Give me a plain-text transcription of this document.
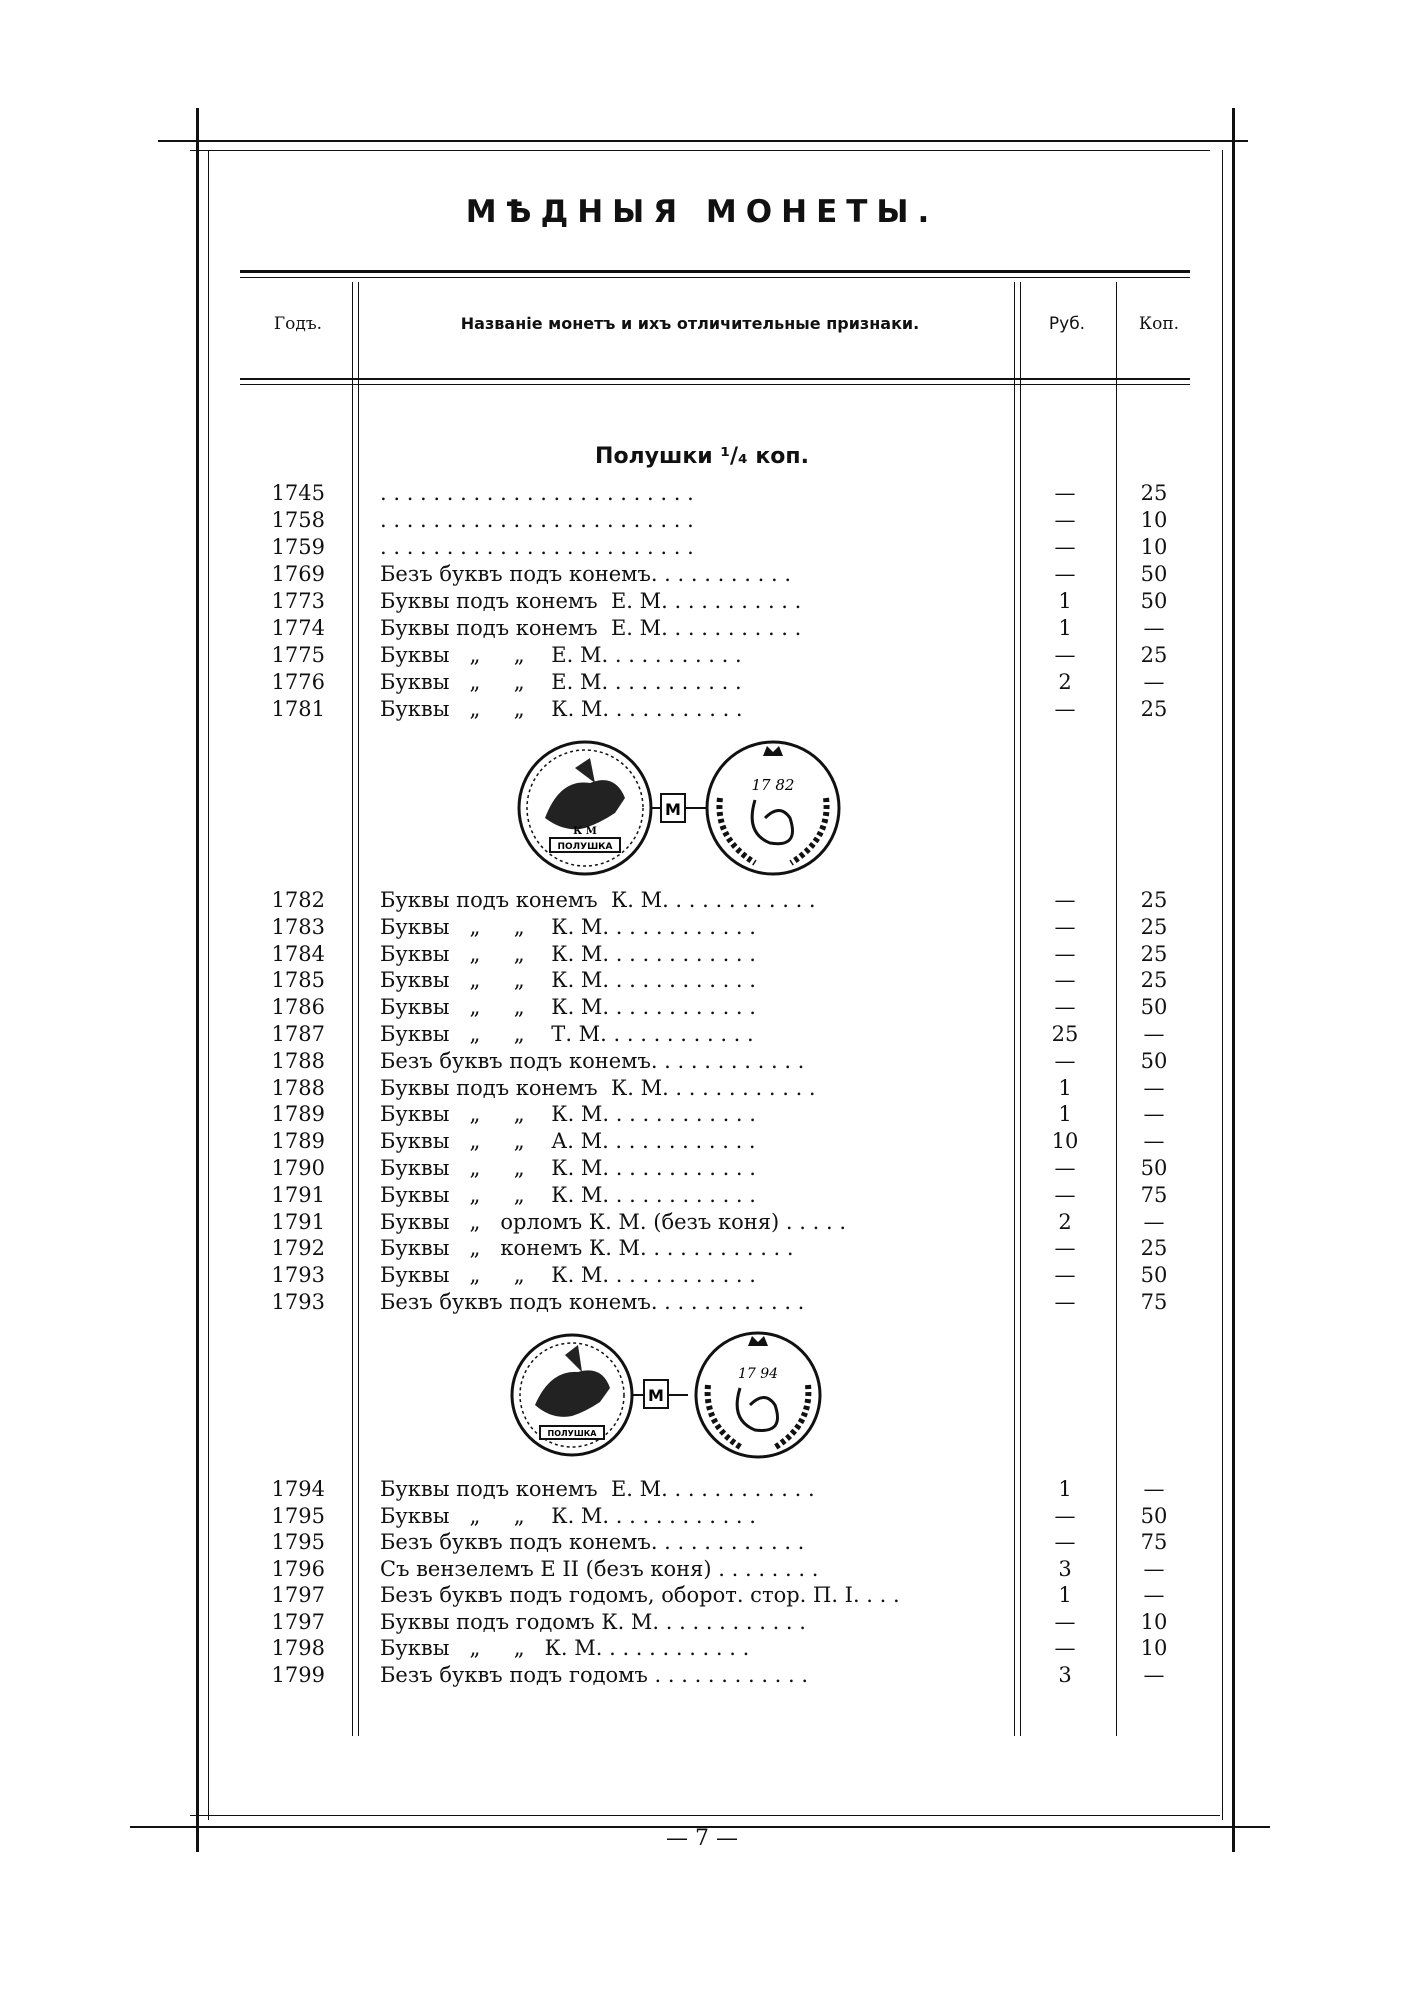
МѢДНЫЯ МОНЕТЫ.
Годъ.	Названіе монетъ и ихъ отличительные признаки.	Руб.	Коп.
Полушки ¹/₄ коп.
1745	. . . . . . . . . . . . . . . . . . . . . . . .	—	25
1758	. . . . . . . . . . . . . . . . . . . . . . . .	—	10
1759	. . . . . . . . . . . . . . . . . . . . . . . .	—	10
1769	Безъ буквъ подъ конемъ. . . . . . . . . . .	—	50
1773	Буквы подъ конемъ  Е. М. . . . . . . . . . .	1	50
1774	Буквы подъ конемъ  Е. М. . . . . . . . . . .	1	—
1775	Буквы   „     „    Е. М. . . . . . . . . . .	—	25
1776	Буквы   „     „    Е. М. . . . . . . . . . .	2	—
1781	Буквы   „     „    К. М. . . . . . . . . . .	—	25
ПОЛУШКА
К М
М
17 82
1782	Буквы подъ конемъ  К. М. . . . . . . . . . . .	—	25
1783	Буквы   „     „    К. М. . . . . . . . . . . .	—	25
1784	Буквы   „     „    К. М. . . . . . . . . . . .	—	25
1785	Буквы   „     „    К. М. . . . . . . . . . . .	—	25
1786	Буквы   „     „    К. М. . . . . . . . . . . .	—	50
1787	Буквы   „     „    Т. М. . . . . . . . . . . .	25	—
1788	Безъ буквъ подъ конемъ. . . . . . . . . . . .	—	50
1788	Буквы подъ конемъ  К. М. . . . . . . . . . . .	1	—
1789	Буквы   „     „    К. М. . . . . . . . . . . .	1	—
1789	Буквы   „     „    А. М. . . . . . . . . . . .	10	—
1790	Буквы   „     „    К. М. . . . . . . . . . . .	—	50
1791	Буквы   „     „    К. М. . . . . . . . . . . .	—	75
1791	Буквы   „   орломъ К. М. (безъ коня) . . . . .	2	—
1792	Буквы   „   конемъ К. М. . . . . . . . . . . .	—	25
1793	Буквы   „     „    К. М. . . . . . . . . . . .	—	50
1793	Безъ буквъ подъ конемъ. . . . . . . . . . . .	—	75
ПОЛУШКА
М
17 94
1794	Буквы подъ конемъ  Е. М. . . . . . . . . . . .	1	—
1795	Буквы   „     „    К. М. . . . . . . . . . . .	—	50
1795	Безъ буквъ подъ конемъ. . . . . . . . . . . .	—	75
1796	Съ вензелемъ Е II (безъ коня) . . . . . . . .	3	—
1797	Безъ буквъ подъ годомъ, оборот. стор. П. I. . . .	1	—
1797	Буквы подъ годомъ К. М. . . . . . . . . . . .	—	10
1798	Буквы   „     „   К. М. . . . . . . . . . . .	—	10
1799	Безъ буквъ подъ годомъ . . . . . . . . . . . .	3	—
— 7 —
